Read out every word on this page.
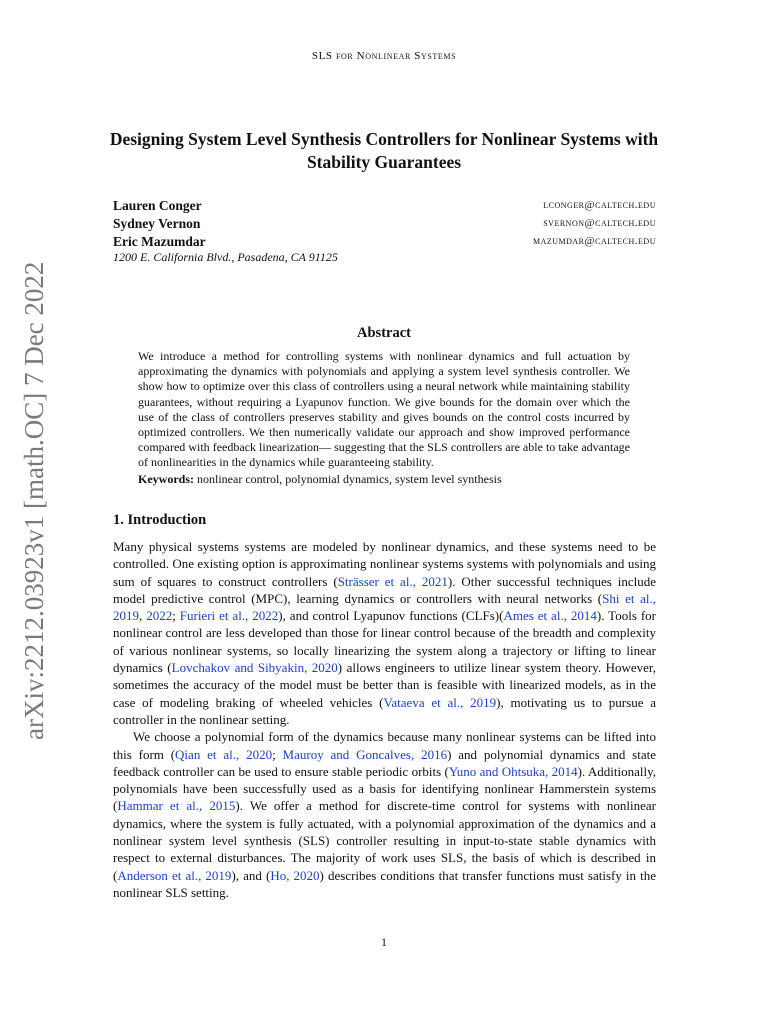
SLS for Nonlinear Systems
arXiv:2212.03923v1 [math.OC] 7 Dec 2022
Designing System Level Synthesis Controllers for Nonlinear Systems with Stability Guarantees
Lauren Conger	lconger@caltech.edu
Sydney Vernon	svernon@caltech.edu
Eric Mazumdar	mazumdar@caltech.edu
1200 E. California Blvd., Pasadena, CA 91125
Abstract

We introduce a method for controlling systems with nonlinear dynamics and full actuation by approximating the dynamics with polynomials and applying a system level synthesis controller. We show how to optimize over this class of controllers using a neural network while maintaining stability guarantees, without requiring a Lyapunov function. We give bounds for the domain over which the use of the class of controllers preserves stability and gives bounds on the control costs incurred by optimized controllers. We then numerically validate our approach and show improved performance compared with feedback linearization— suggesting that the SLS controllers are able to take advantage of nonlinearities in the dynamics while guaranteeing stability.

Keywords: nonlinear control, polynomial dynamics, system level synthesis

1. Introduction

Many physical systems systems are modeled by nonlinear dynamics, and these systems need to be controlled. One existing option is approximating nonlinear systems systems with polynomials and using sum of squares to construct controllers (Strässer et al., 2021). Other successful techniques include model predictive control (MPC), learning dynamics or controllers with neural networks (Shi et al., 2019, 2022; Furieri et al., 2022), and control Lyapunov functions (CLFs)(Ames et al., 2014). Tools for nonlinear control are less developed than those for linear control because of the breadth and complexity of various nonlinear systems, so locally linearizing the system along a trajectory or lifting to linear dynamics (Lovchakov and Sibyakin, 2020) allows engineers to utilize linear system theory. However, sometimes the accuracy of the model must be better than is feasible with linearized models, as in the case of modeling braking of wheeled vehicles (Vataeva et al., 2019), motivating us to pursue a controller in the nonlinear setting.

We choose a polynomial form of the dynamics because many nonlinear systems can be lifted into this form (Qian et al., 2020; Mauroy and Goncalves, 2016) and polynomial dynamics and state feedback controller can be used to ensure stable periodic orbits (Yuno and Ohtsuka, 2014). Additionally, polynomials have been successfully used as a basis for identifying nonlinear Hammerstein systems (Hammar et al., 2015). We offer a method for discrete-time control for systems with nonlinear dynamics, where the system is fully actuated, with a polynomial approximation of the dynamics and a nonlinear system level synthesis (SLS) controller resulting in input-to-state stable dynamics with respect to external disturbances. The majority of work uses SLS, the basis of which is described in (Anderson et al., 2019), and (Ho, 2020) describes conditions that transfer functions must satisfy in the nonlinear SLS setting.

1
